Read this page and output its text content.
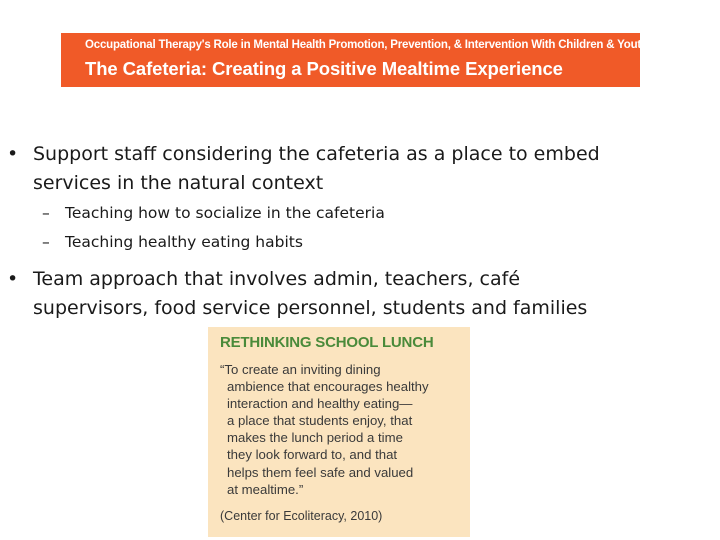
Occupational Therapy's Role in Mental Health Promotion, Prevention, & Intervention With Children & Youth
The Cafeteria: Creating a Positive Mealtime Experience
• Support staff considering the cafeteria as a place to embed services in the natural context
– Teaching how to socialize in the cafeteria
– Teaching healthy eating habits
• Team approach that involves admin, teachers, café supervisors, food service personnel, students and families
RETHINKING SCHOOL LUNCH
“To create an inviting dining
ambience that encourages healthy
interaction and healthy eating—
a place that students enjoy, that
makes the lunch period a time
they look forward to, and that
helps them feel safe and valued
at mealtime.”
(Center for Ecoliteracy, 2010)
